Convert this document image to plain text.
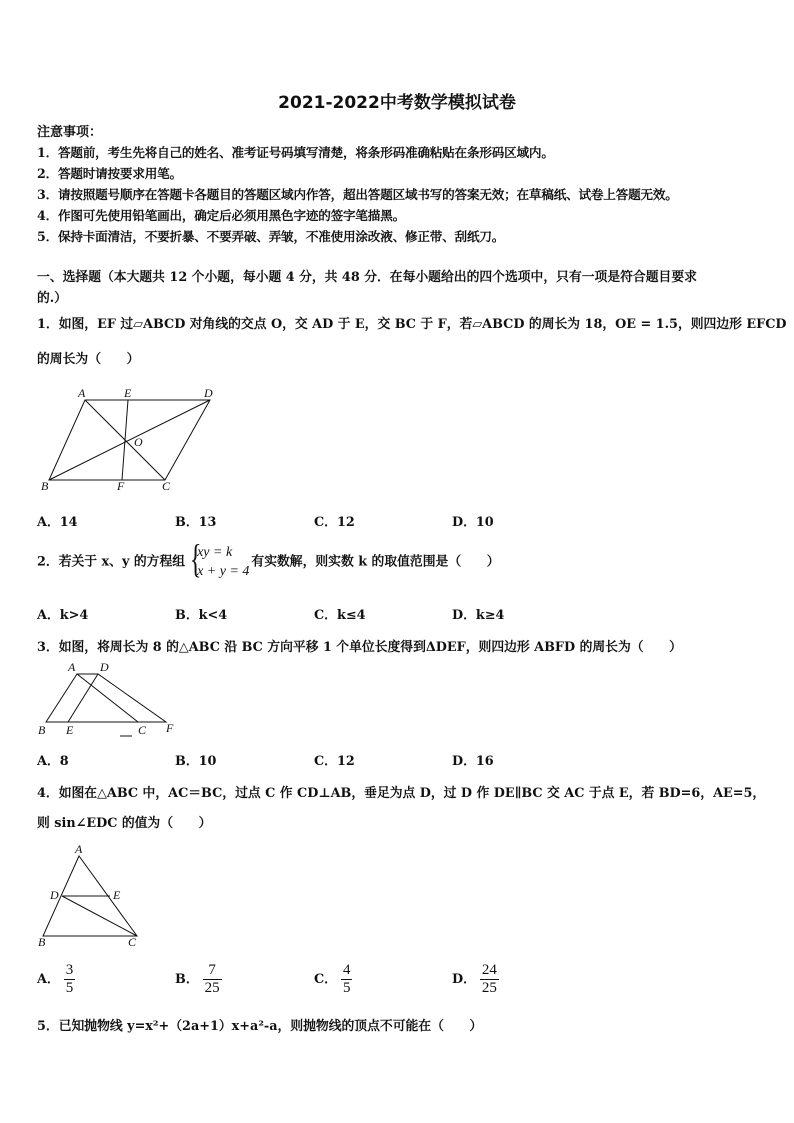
2021-2022中考数学模拟试卷
注意事项：
1．答题前，考生先将自己的姓名、准考证号码填写清楚，将条形码准确粘贴在条形码区域内。
2．答题时请按要求用笔。
3．请按照题号顺序在答题卡各题目的答题区域内作答，超出答题区域书写的答案无效；在草稿纸、试卷上答题无效。
4．作图可先使用铅笔画出，确定后必须用黑色字迹的签字笔描黑。
5．保持卡面清洁，不要折暴、不要弄破、弄皱，不准使用涂改液、修正带、刮纸刀。
一、选择题（本大题共 12 个小题，每小题 4 分，共 48 分．在每小题给出的四个选项中，只有一项是符合题目要求
的.）
1．如图，EF 过▱ABCD 对角线的交点 O，交 AD 于 E，交 BC 于 F，若▱ABCD 的周长为 18，OE = 1.5，则四边形 EFCD
的周长为（　　）
A	E	D
O
B	F	C
A．14	B．13	C．12	D．10
2．若关于 x、y 的方程组 {
xy = k
x + y = 4
有实数解，则实数 k 的取值范围是（　　）
A．k>4	B．k<4	C．k≤4	D．k≥4
3．如图，将周长为 8 的△ABC 沿 BC 方向平移 1 个单位长度得到ΔDEF，则四边形 ABFD 的周长为（　　）
A D
B E	C F
A．8	B．10	C．12	D．16
4．如图在△ABC 中，AC＝BC，过点 C 作 CD⊥AB，垂足为点 D，过 D 作 DE∥BC 交 AC 于点 E，若 BD=6，AE=5，
则 sin∠EDC 的值为（　　）
A
D	E
B	C
A． $\frac{3}{5}$	B． $\frac{7}{25}$	C． $\frac{4}{5}$	D． $\frac{24}{25}$
5．已知抛物线 y=x²+（2a+1）x+a²-a，则抛物线的顶点不可能在（　　）
